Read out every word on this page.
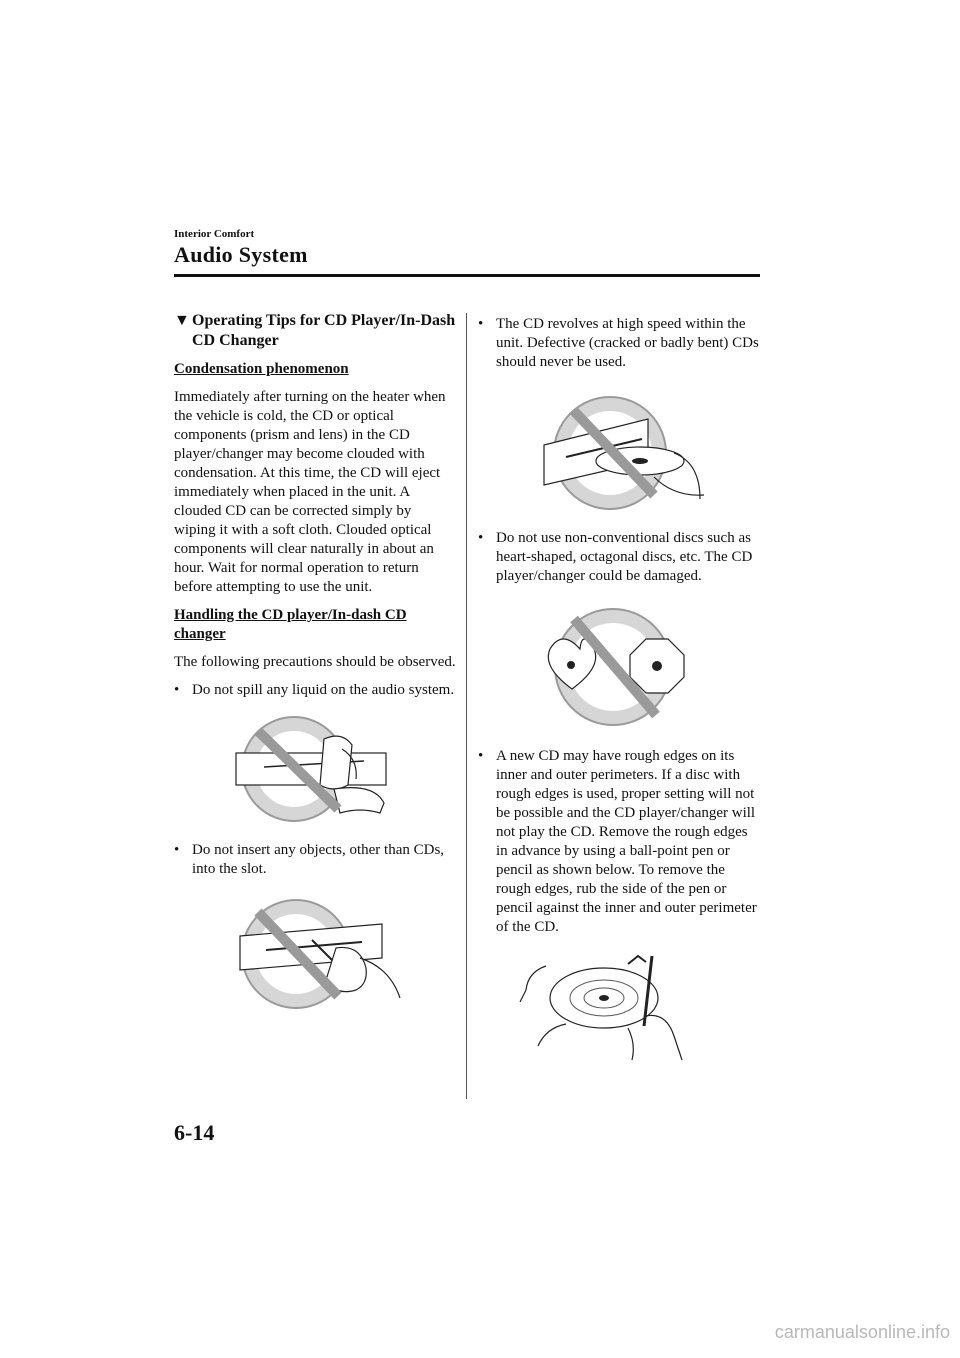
Interior Comfort
Audio System
▼ Operating Tips for CD Player/In-Dash CD Changer
Condensation phenomenon

Immediately after turning on the heater when the vehicle is cold, the CD or optical components (prism and lens) in the CD player/changer may become clouded with condensation. At this time, the CD will eject immediately when placed in the unit. A clouded CD can be corrected simply by wiping it with a soft cloth. Clouded optical components will clear naturally in about an hour. Wait for normal operation to return before attempting to use the unit.

Handling the CD player/In-dash CD changer

The following precautions should be observed.

• Do not spill any liquid on the audio system.
• Do not insert any objects, other than CDs, into the slot.
• The CD revolves at high speed within the unit. Defective (cracked or badly bent) CDs should never be used.
• Do not use non-conventional discs such as heart-shaped, octagonal discs, etc. The CD player/changer could be damaged.
• A new CD may have rough edges on its inner and outer perimeters. If a disc with rough edges is used, proper setting will not be possible and the CD player/changer will not play the CD. Remove the rough edges in advance by using a ball-point pen or pencil as shown below. To remove the rough edges, rub the side of the pen or pencil against the inner and outer perimeter of the CD.
6-14
carmanualsonline.info
